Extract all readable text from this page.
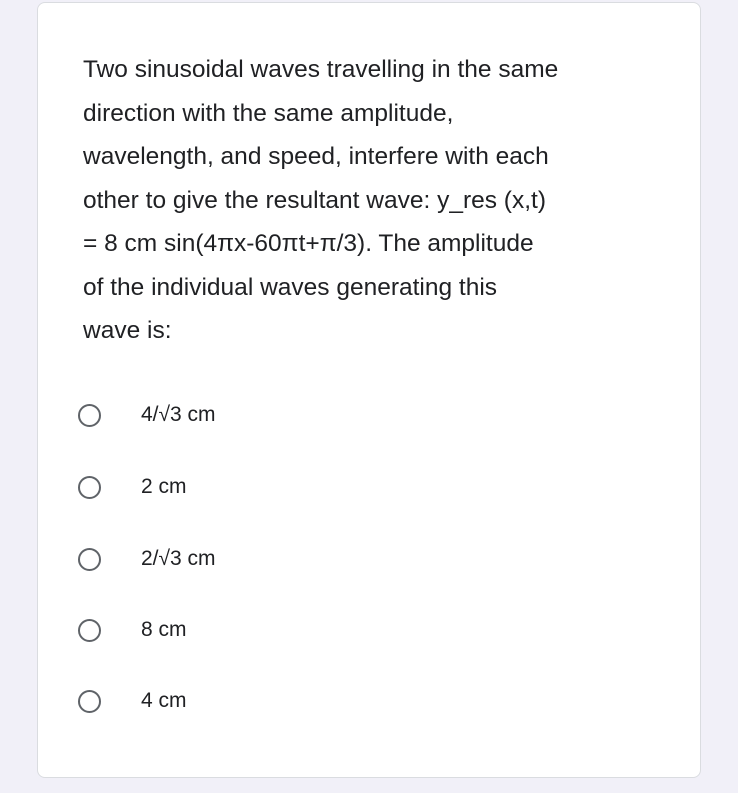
Two sinusoidal waves travelling in the same
direction with the same amplitude,
wavelength, and speed, interfere with each
other to give the resultant wave: y_res (x,t)
= 8 cm sin(4πx-60πt+π/3). The amplitude
of the individual waves generating this
wave is:

4/√3 cm
2 cm
2/√3 cm
8 cm
4 cm
